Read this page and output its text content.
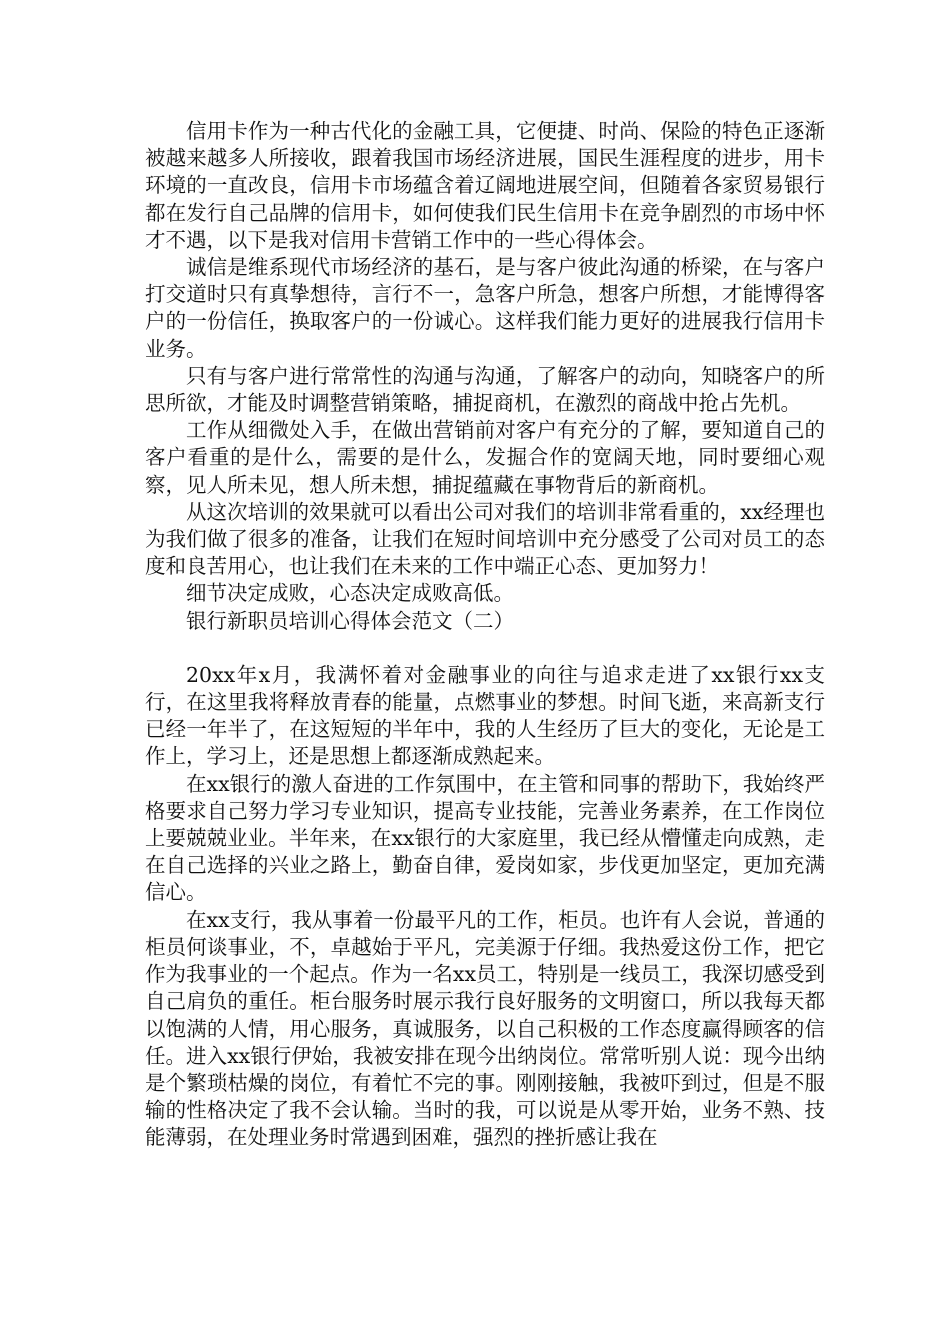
信用卡作为一种古代化的金融工具，它便捷、时尚、保险的特色正逐渐被越来越多人所接收，跟着我国市场经济进展，国民生涯程度的进步，用卡环境的一直改良，信用卡市场蕴含着辽阔地进展空间，但随着各家贸易银行都在发行自己品牌的信用卡，如何使我们民生信用卡在竞争剧烈的市场中怀才不遇，以下是我对信用卡营销工作中的一些心得体会。

诚信是维系现代市场经济的基石，是与客户彼此沟通的桥梁，在与客户打交道时只有真挚想待，言行不一，急客户所急，想客户所想，才能博得客户的一份信任，换取客户的一份诚心。这样我们能力更好的进展我行信用卡业务。

只有与客户进行常常性的沟通与沟通，了解客户的动向，知晓客户的所思所欲，才能及时调整营销策略，捕捉商机，在激烈的商战中抢占先机。

工作从细微处入手，在做出营销前对客户有充分的了解，要知道自己的客户看重的是什么，需要的是什么，发掘合作的宽阔天地，同时要细心观察，见人所未见，想人所未想，捕捉蕴藏在事物背后的新商机。

从这次培训的效果就可以看出公司对我们的培训非常看重的，xx经理也为我们做了很多的准备，让我们在短时间培训中充分感受了公司对员工的态度和良苦用心，也让我们在未来的工作中端正心态、更加努力！

细节决定成败，心态决定成败高低。

银行新职员培训心得体会范文（二）

20xx年x月，我满怀着对金融事业的向往与追求走进了xx银行xx支行，在这里我将释放青春的能量，点燃事业的梦想。时间飞逝，来高新支行已经一年半了，在这短短的半年中，我的人生经历了巨大的变化，无论是工作上，学习上，还是思想上都逐渐成熟起来。

在xx银行的激人奋进的工作氛围中，在主管和同事的帮助下，我始终严格要求自己努力学习专业知识，提高专业技能，完善业务素养，在工作岗位上要兢兢业业。半年来，在xx银行的大家庭里，我已经从懵懂走向成熟，走在自己选择的兴业之路上，勤奋自律，爱岗如家，步伐更加坚定，更加充满信心。

在xx支行，我从事着一份最平凡的工作，柜员。也许有人会说，普通的柜员何谈事业，不，卓越始于平凡，完美源于仔细。我热爱这份工作，把它作为我事业的一个起点。作为一名xx员工，特别是一线员工，我深切感受到自己肩负的重任。柜台服务时展示我行良好服务的文明窗口，所以我每天都以饱满的人情，用心服务，真诚服务，以自己积极的工作态度赢得顾客的信任。进入xx银行伊始，我被安排在现今出纳岗位。常常听别人说：现今出纳是个繁琐枯燥的岗位，有着忙不完的事。刚刚接触，我被吓到过，但是不服输的性格决定了我不会认输。当时的我，可以说是从零开始，业务不熟、技能薄弱，在处理业务时常遇到困难，强烈的挫折感让我在
